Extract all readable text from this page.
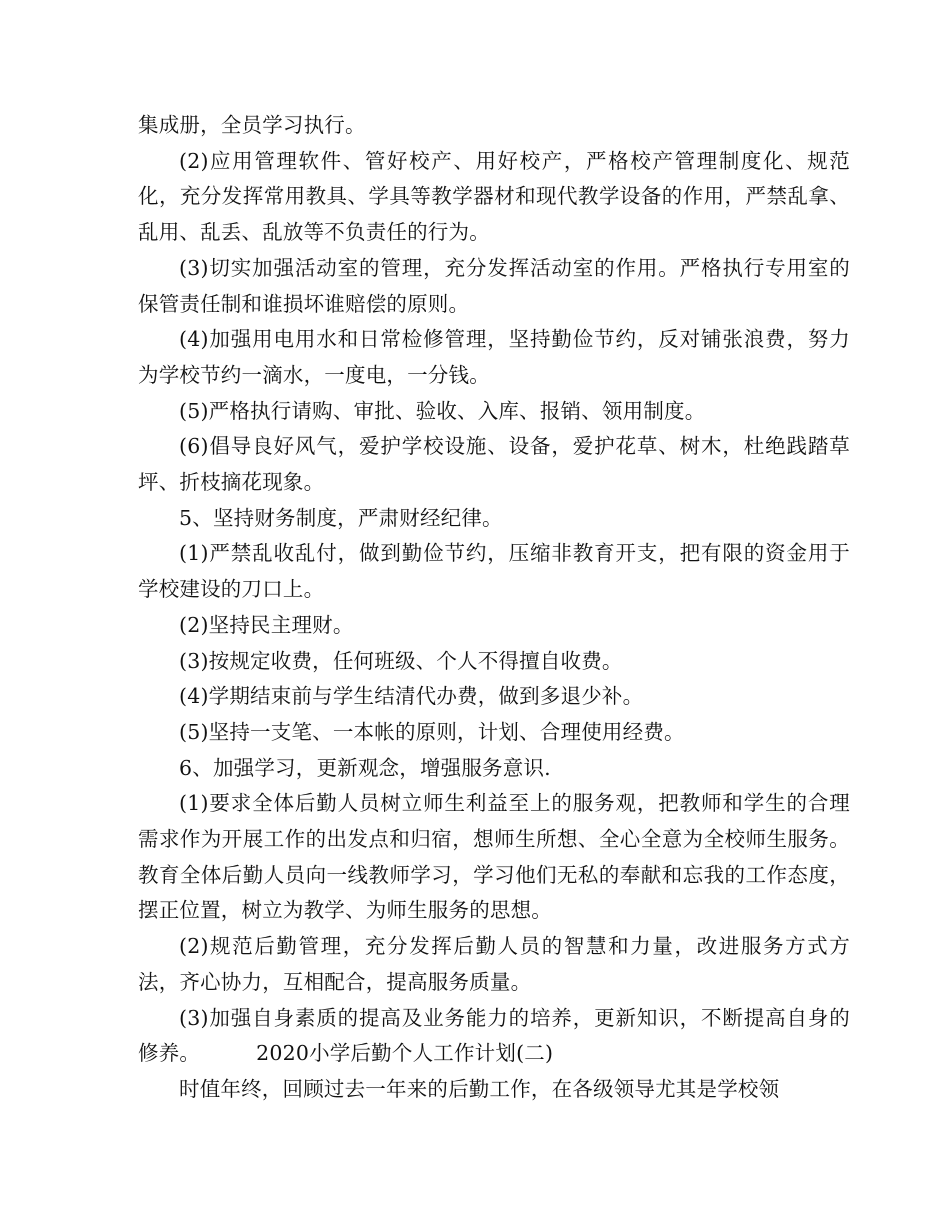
集成册，全员学习执行。

(2)应用管理软件、管好校产、用好校产，严格校产管理制度化、规范化，充分发挥常用教具、学具等教学器材和现代教学设备的作用，严禁乱拿、乱用、乱丢、乱放等不负责任的行为。

(3)切实加强活动室的管理，充分发挥活动室的作用。严格执行专用室的保管责任制和谁损坏谁赔偿的原则。

(4)加强用电用水和日常检修管理，坚持勤俭节约，反对铺张浪费，努力为学校节约一滴水，一度电，一分钱。

(5)严格执行请购、审批、验收、入库、报销、领用制度。

(6)倡导良好风气，爱护学校设施、设备，爱护花草、树木，杜绝践踏草坪、折枝摘花现象。

5、坚持财务制度，严肃财经纪律。

(1)严禁乱收乱付，做到勤俭节约，压缩非教育开支，把有限的资金用于学校建设的刀口上。

(2)坚持民主理财。

(3)按规定收费，任何班级、个人不得擅自收费。

(4)学期结束前与学生结清代办费，做到多退少补。

(5)坚持一支笔、一本帐的原则，计划、合理使用经费。

6、加强学习，更新观念，增强服务意识.

(1)要求全体后勤人员树立师生利益至上的服务观，把教师和学生的合理需求作为开展工作的出发点和归宿，想师生所想、全心全意为全校师生服务。教育全体后勤人员向一线教师学习，学习他们无私的奉献和忘我的工作态度，摆正位置，树立为教学、为师生服务的思想。

(2)规范后勤管理，充分发挥后勤人员的智慧和力量，改进服务方式方法，齐心协力，互相配合，提高服务质量。

(3)加强自身素质的提高及业务能力的培养，更新知识，不断提高自身的修养。	2020小学后勤个人工作计划(二)

时值年终，回顾过去一年来的后勤工作，在各级领导尤其是学校领
